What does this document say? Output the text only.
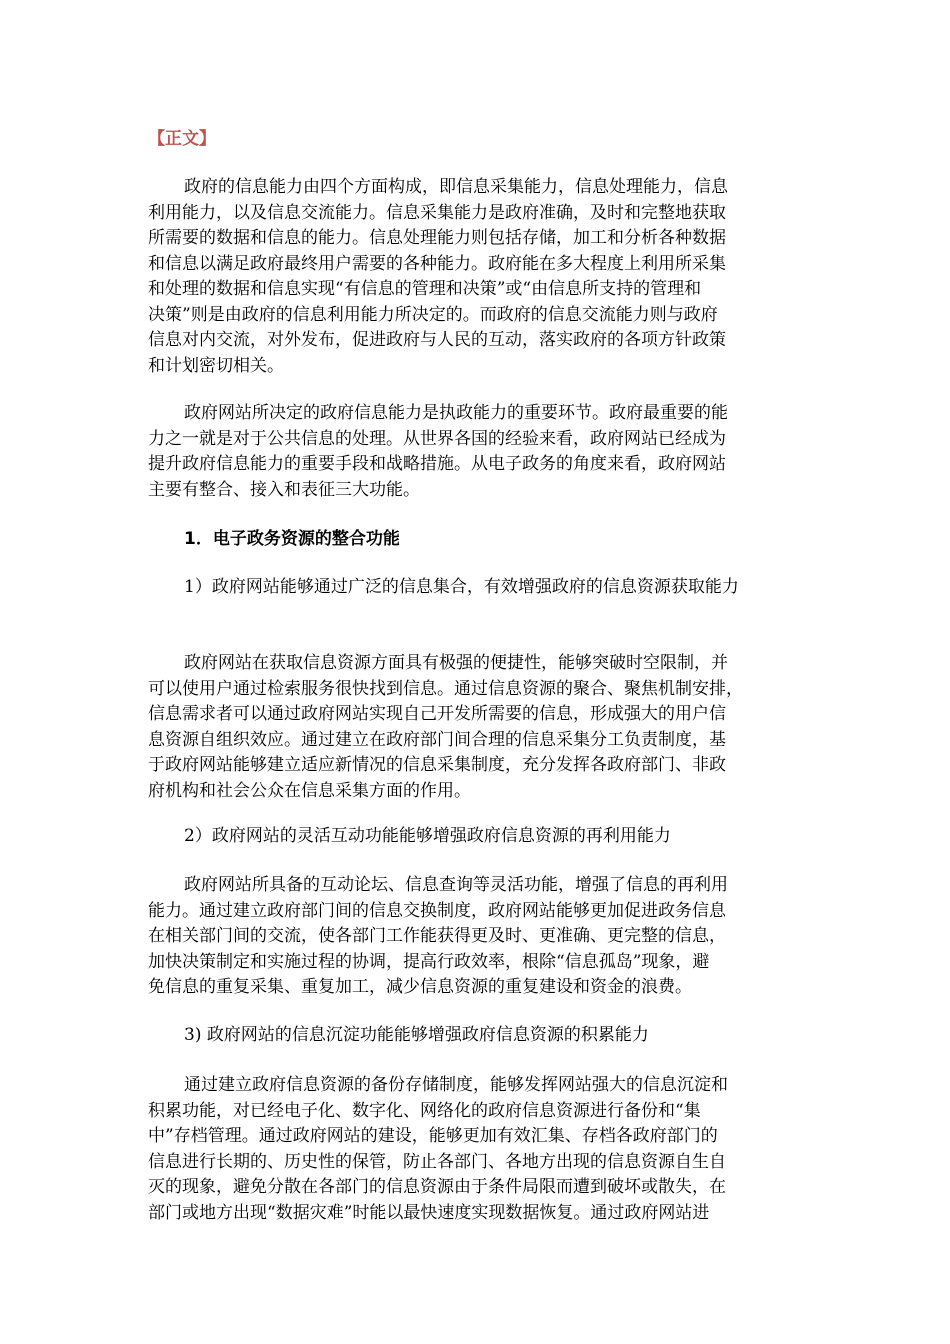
【正文】
政府的信息能力由四个方面构成，即信息采集能力，信息处理能力，信息
利用能力，以及信息交流能力。信息采集能力是政府准确，及时和完整地获取
所需要的数据和信息的能力。信息处理能力则包括存储，加工和分析各种数据
和信息以满足政府最终用户需要的各种能力。政府能在多大程度上利用所采集
和处理的数据和信息实现“有信息的管理和决策”或“由信息所支持的管理和
决策”则是由政府的信息利用能力所决定的。而政府的信息交流能力则与政府
信息对内交流，对外发布，促进政府与人民的互动，落实政府的各项方针政策
和计划密切相关。
政府网站所决定的政府信息能力是执政能力的重要环节。政府最重要的能
力之一就是对于公共信息的处理。从世界各国的经验来看，政府网站已经成为
提升政府信息能力的重要手段和战略措施。从电子政务的角度来看，政府网站
主要有整合、接入和表征三大功能。
1．电子政务资源的整合功能
1）政府网站能够通过广泛的信息集合，有效增强政府的信息资源获取能力
政府网站在获取信息资源方面具有极强的便捷性，能够突破时空限制，并
可以使用户通过检索服务很快找到信息。通过信息资源的聚合、聚焦机制安排，
信息需求者可以通过政府网站实现自己开发所需要的信息，形成强大的用户信
息资源自组织效应。通过建立在政府部门间合理的信息采集分工负责制度，基
于政府网站能够建立适应新情况的信息采集制度，充分发挥各政府部门、非政
府机构和社会公众在信息采集方面的作用。
2）政府网站的灵活互动功能能够增强政府信息资源的再利用能力
政府网站所具备的互动论坛、信息查询等灵活功能，增强了信息的再利用
能力。通过建立政府部门间的信息交换制度，政府网站能够更加促进政务信息
在相关部门间的交流，使各部门工作能获得更及时、更准确、更完整的信息，
加快决策制定和实施过程的协调，提高行政效率，根除“信息孤岛”现象，避
免信息的重复采集、重复加工，减少信息资源的重复建设和资金的浪费。
3) 政府网站的信息沉淀功能能够增强政府信息资源的积累能力
通过建立政府信息资源的备份存储制度，能够发挥网站强大的信息沉淀和
积累功能，对已经电子化、数字化、网络化的政府信息资源进行备份和“集
中”存档管理。通过政府网站的建设，能够更加有效汇集、存档各政府部门的
信息进行长期的、历史性的保管，防止各部门、各地方出现的信息资源自生自
灭的现象，避免分散在各部门的信息资源由于条件局限而遭到破坏或散失，在
部门或地方出现“数据灾难”时能以最快速度实现数据恢复。通过政府网站进
